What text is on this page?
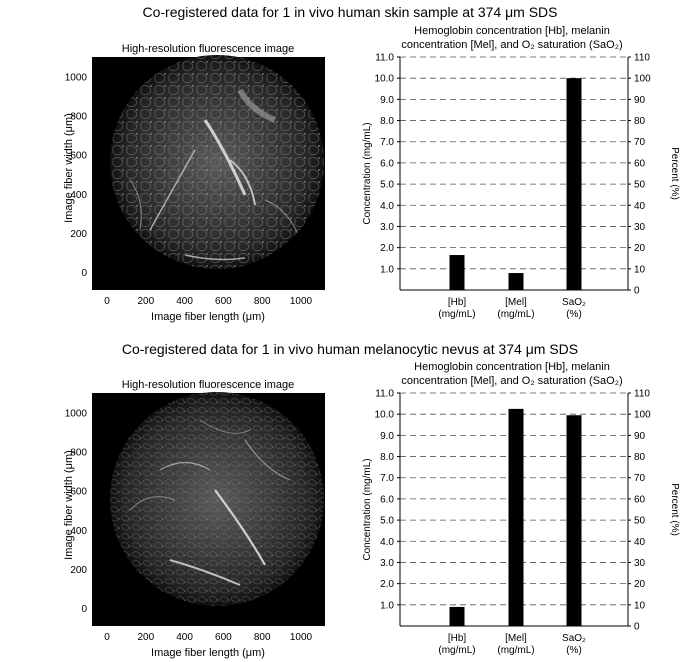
Co-registered data for 1 in vivo human skin sample at 374 μm SDS
Co-registered data for 1 in vivo human melanocytic nevus at 374 μm SDS
High-resolution fluorescence image
Image fiber width (μm)
Image fiber length (μm)
0	200 400 600 800 1000
0
200
400
600
800
1000
High-resolution fluorescence image
Image fiber width (μm)
Image fiber length (μm)
0	200 400 600 800 1000
0
200
400
600
800
1000
Hemoglobin concentration [Hb], melanin
concentration [Mel], and O₂ saturation (SaO₂)
1.0
2.0
3.0
4.0
5.0
6.0
7.0
8.0
9.0
10.0
11.0
0
10
20
30
40
50
60
70
80
90
100
110
Concentration (mg/mL)	Percent (%)
[Hb]
(mg/mL)
[Mel]
(mg/mL)
SaO₂
(%)
Hemoglobin concentration [Hb], melanin
concentration [Mel], and O₂ saturation (SaO₂)
1.0
2.0
3.0
4.0
5.0
6.0
7.0
8.0
9.0
10.0
11.0
0
10
20
30
40
50
60
70
80
90
100
110
Concentration (mg/mL)	Percent (%)
[Hb]
(mg/mL)
[Mel]
(mg/mL)
SaO₂
(%)
